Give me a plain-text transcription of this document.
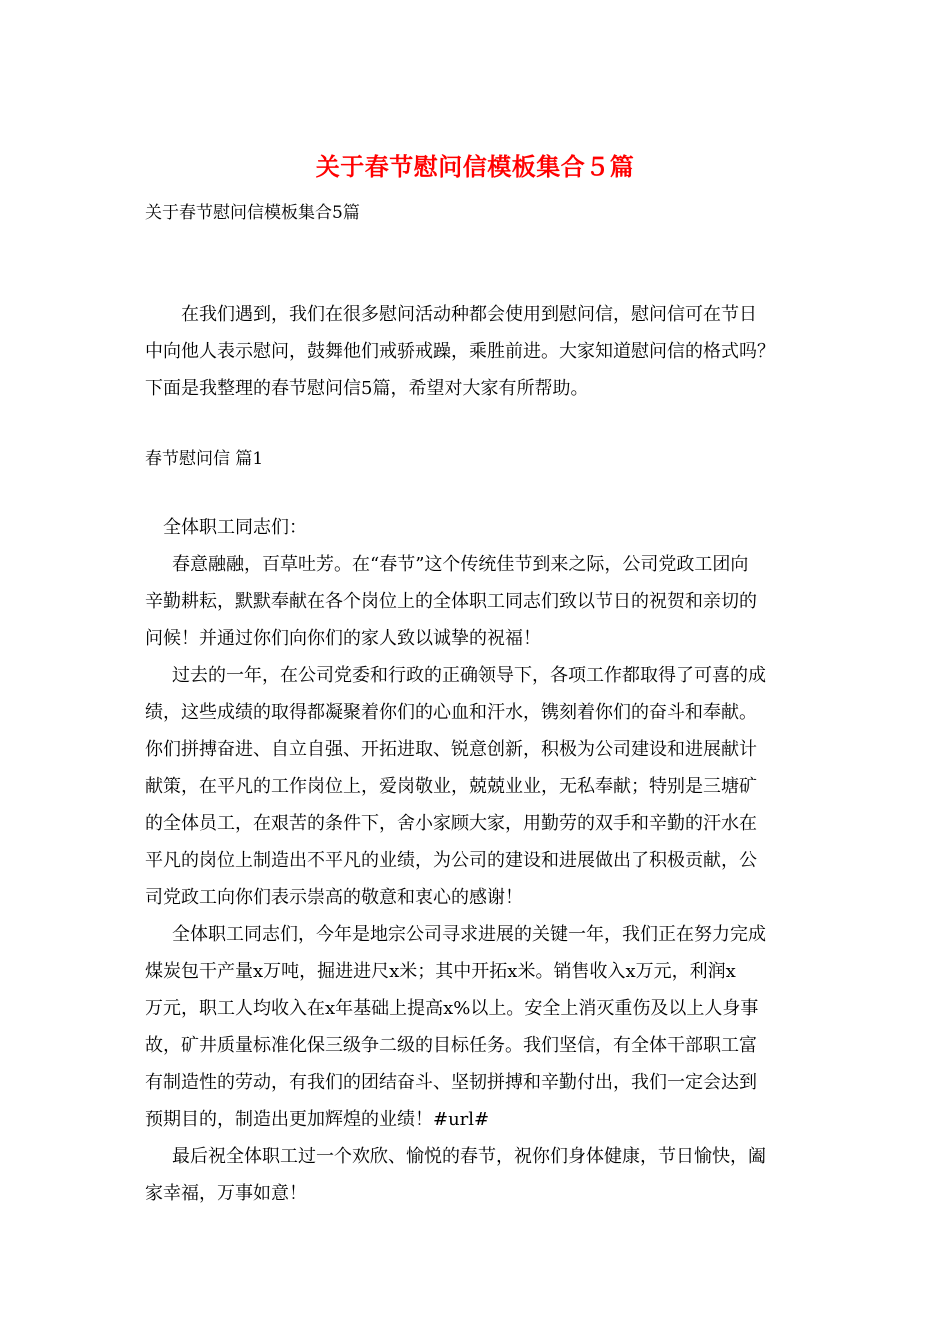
关于春节慰问信模板集合５篇
关于春节慰问信模板集合5篇
在我们遇到，我们在很多慰问活动种都会使用到慰问信，慰问信可在节日
中向他人表示慰问，鼓舞他们戒骄戒躁，乘胜前进。大家知道慰问信的格式吗？
下面是我整理的春节慰问信5篇，希望对大家有所帮助。
春节慰问信 篇1
全体职工同志们：
春意融融，百草吐芳。在“春节”这个传统佳节到来之际，公司党政工团向
辛勤耕耘，默默奉献在各个岗位上的全体职工同志们致以节日的祝贺和亲切的
问候！并通过你们向你们的家人致以诚挚的祝福！
过去的一年，在公司党委和行政的正确领导下，各项工作都取得了可喜的成
绩，这些成绩的取得都凝聚着你们的心血和汗水，镌刻着你们的奋斗和奉献。
你们拼搏奋进、自立自强、开拓进取、锐意创新，积极为公司建设和进展献计
献策，在平凡的工作岗位上，爱岗敬业，兢兢业业，无私奉献；特别是三塘矿
的全体员工，在艰苦的条件下，舍小家顾大家，用勤劳的双手和辛勤的汗水在
平凡的岗位上制造出不平凡的业绩，为公司的建设和进展做出了积极贡献，公
司党政工向你们表示崇高的敬意和衷心的感谢！
全体职工同志们，今年是地宗公司寻求进展的关键一年，我们正在努力完成
煤炭包干产量x万吨，掘进进尺x米；其中开拓x米。销售收入x万元，利润x
万元，职工人均收入在x年基础上提高x%以上。安全上消灭重伤及以上人身事
故，矿井质量标准化保三级争二级的目标任务。我们坚信，有全体干部职工富
有制造性的劳动，有我们的团结奋斗、坚韧拼搏和辛勤付出，我们一定会达到
预期目的，制造出更加辉煌的业绩！#url#
最后祝全体职工过一个欢欣、愉悦的春节，祝你们身体健康，节日愉快，阖
家幸福，万事如意！
